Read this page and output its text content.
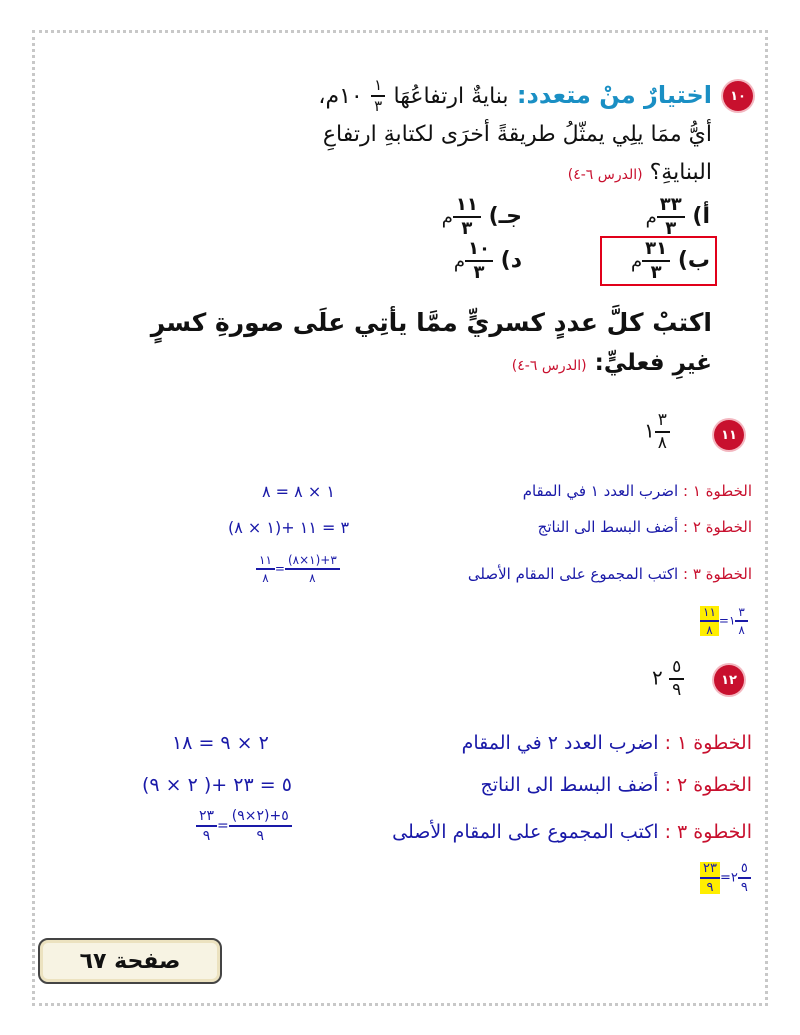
١٠
اختيارٌ منْ متعدد: بنايةٌ ارتفاعُهَا
$\frac{١}{٣}$
١٠م،
أيُّ ممَا يلِي يمثّلُ طريقةً أخرَى لكتابةِ ارتفاعِ
البنايةِ؟ (الدرس ٦-٤)
أ)
$\frac{٣٣}{٣}$
م
جـ)
$\frac{١١}{٣}$
م
ب)
$\frac{٣١}{٣}$
م
د)
$\frac{١٠}{٣}$
م
اكتبْ كلَّ عددٍ كسريٍّ ممَّا يأتِي علَى صورةِ كسرٍ
غيرِ فعليٍّ: (الدرس ٦-٤)
١١
١ $\frac{٣}{٨}$
الخطوة ١ : اضرب العدد ١ في المقام
١ × ٨ = ٨
الخطوة ٢ : أضف البسط الى الناتج
(١ × ٨)+ ٣ = ١١
الخطوة ٣ : اكتب المجموع على المقام الأصلى
$\frac{١١}{٨} = \frac{(١\times ٨)+٣}{٨}$
$\frac{١١}{٨}$ =١ $\frac{٣}{٨}$
١٢
٢ $\frac{٥}{٩}$
الخطوة ١ : اضرب العدد ٢ في المقام
٢ × ٩ = ١٨
الخطوة ٢ : أضف البسط الى الناتج
(٢ × ٩ )+ ٥ = ٢٣
الخطوة ٣ : اكتب المجموع على المقام الأصلى
$\frac{٢٣}{٩} = \frac{(٢\times ٩)+٥}{٩}$
$\frac{٢٣}{٩}$ =٢ $\frac{٥}{٩}$
صفحة ٦٧
